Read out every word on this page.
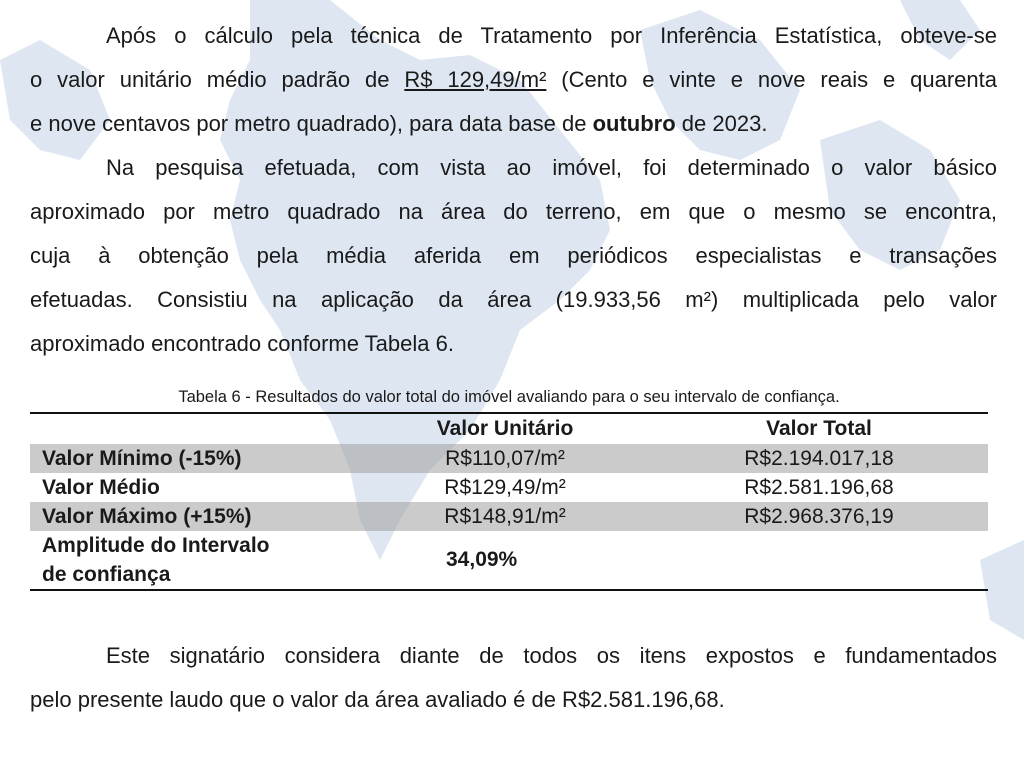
Após o cálculo pela técnica de Tratamento por Inferência Estatística, obteve-se
o valor unitário médio padrão de R$ 129,49/m² (Cento e vinte e nove reais e quarenta
e nove centavos por metro quadrado), para data base de outubro de 2023.
Na pesquisa efetuada, com vista ao imóvel, foi determinado o valor básico
aproximado por metro quadrado na área do terreno, em que o mesmo se encontra,
cuja à obtenção pela média aferida em periódicos especialistas e transações
efetuadas. Consistiu na aplicação da área (19.933,56 m²) multiplicada pelo valor
aproximado encontrado conforme Tabela 6.
Tabela 6 - Resultados do valor total do imóvel avaliando para o seu intervalo de confiança.
	Valor Unitário	Valor Total
Valor Mínimo (-15%)	R$110,07/m²	R$2.194.017,18
Valor Médio	R$129,49/m²	R$2.581.196,68
Valor Máximo (+15%)	R$148,91/m²	R$2.968.376,19
Amplitude do Intervalo
de confiança	34,09%	
Este signatário considera diante de todos os itens expostos e fundamentados
pelo presente laudo que o valor da área avaliado é de R$2.581.196,68.
